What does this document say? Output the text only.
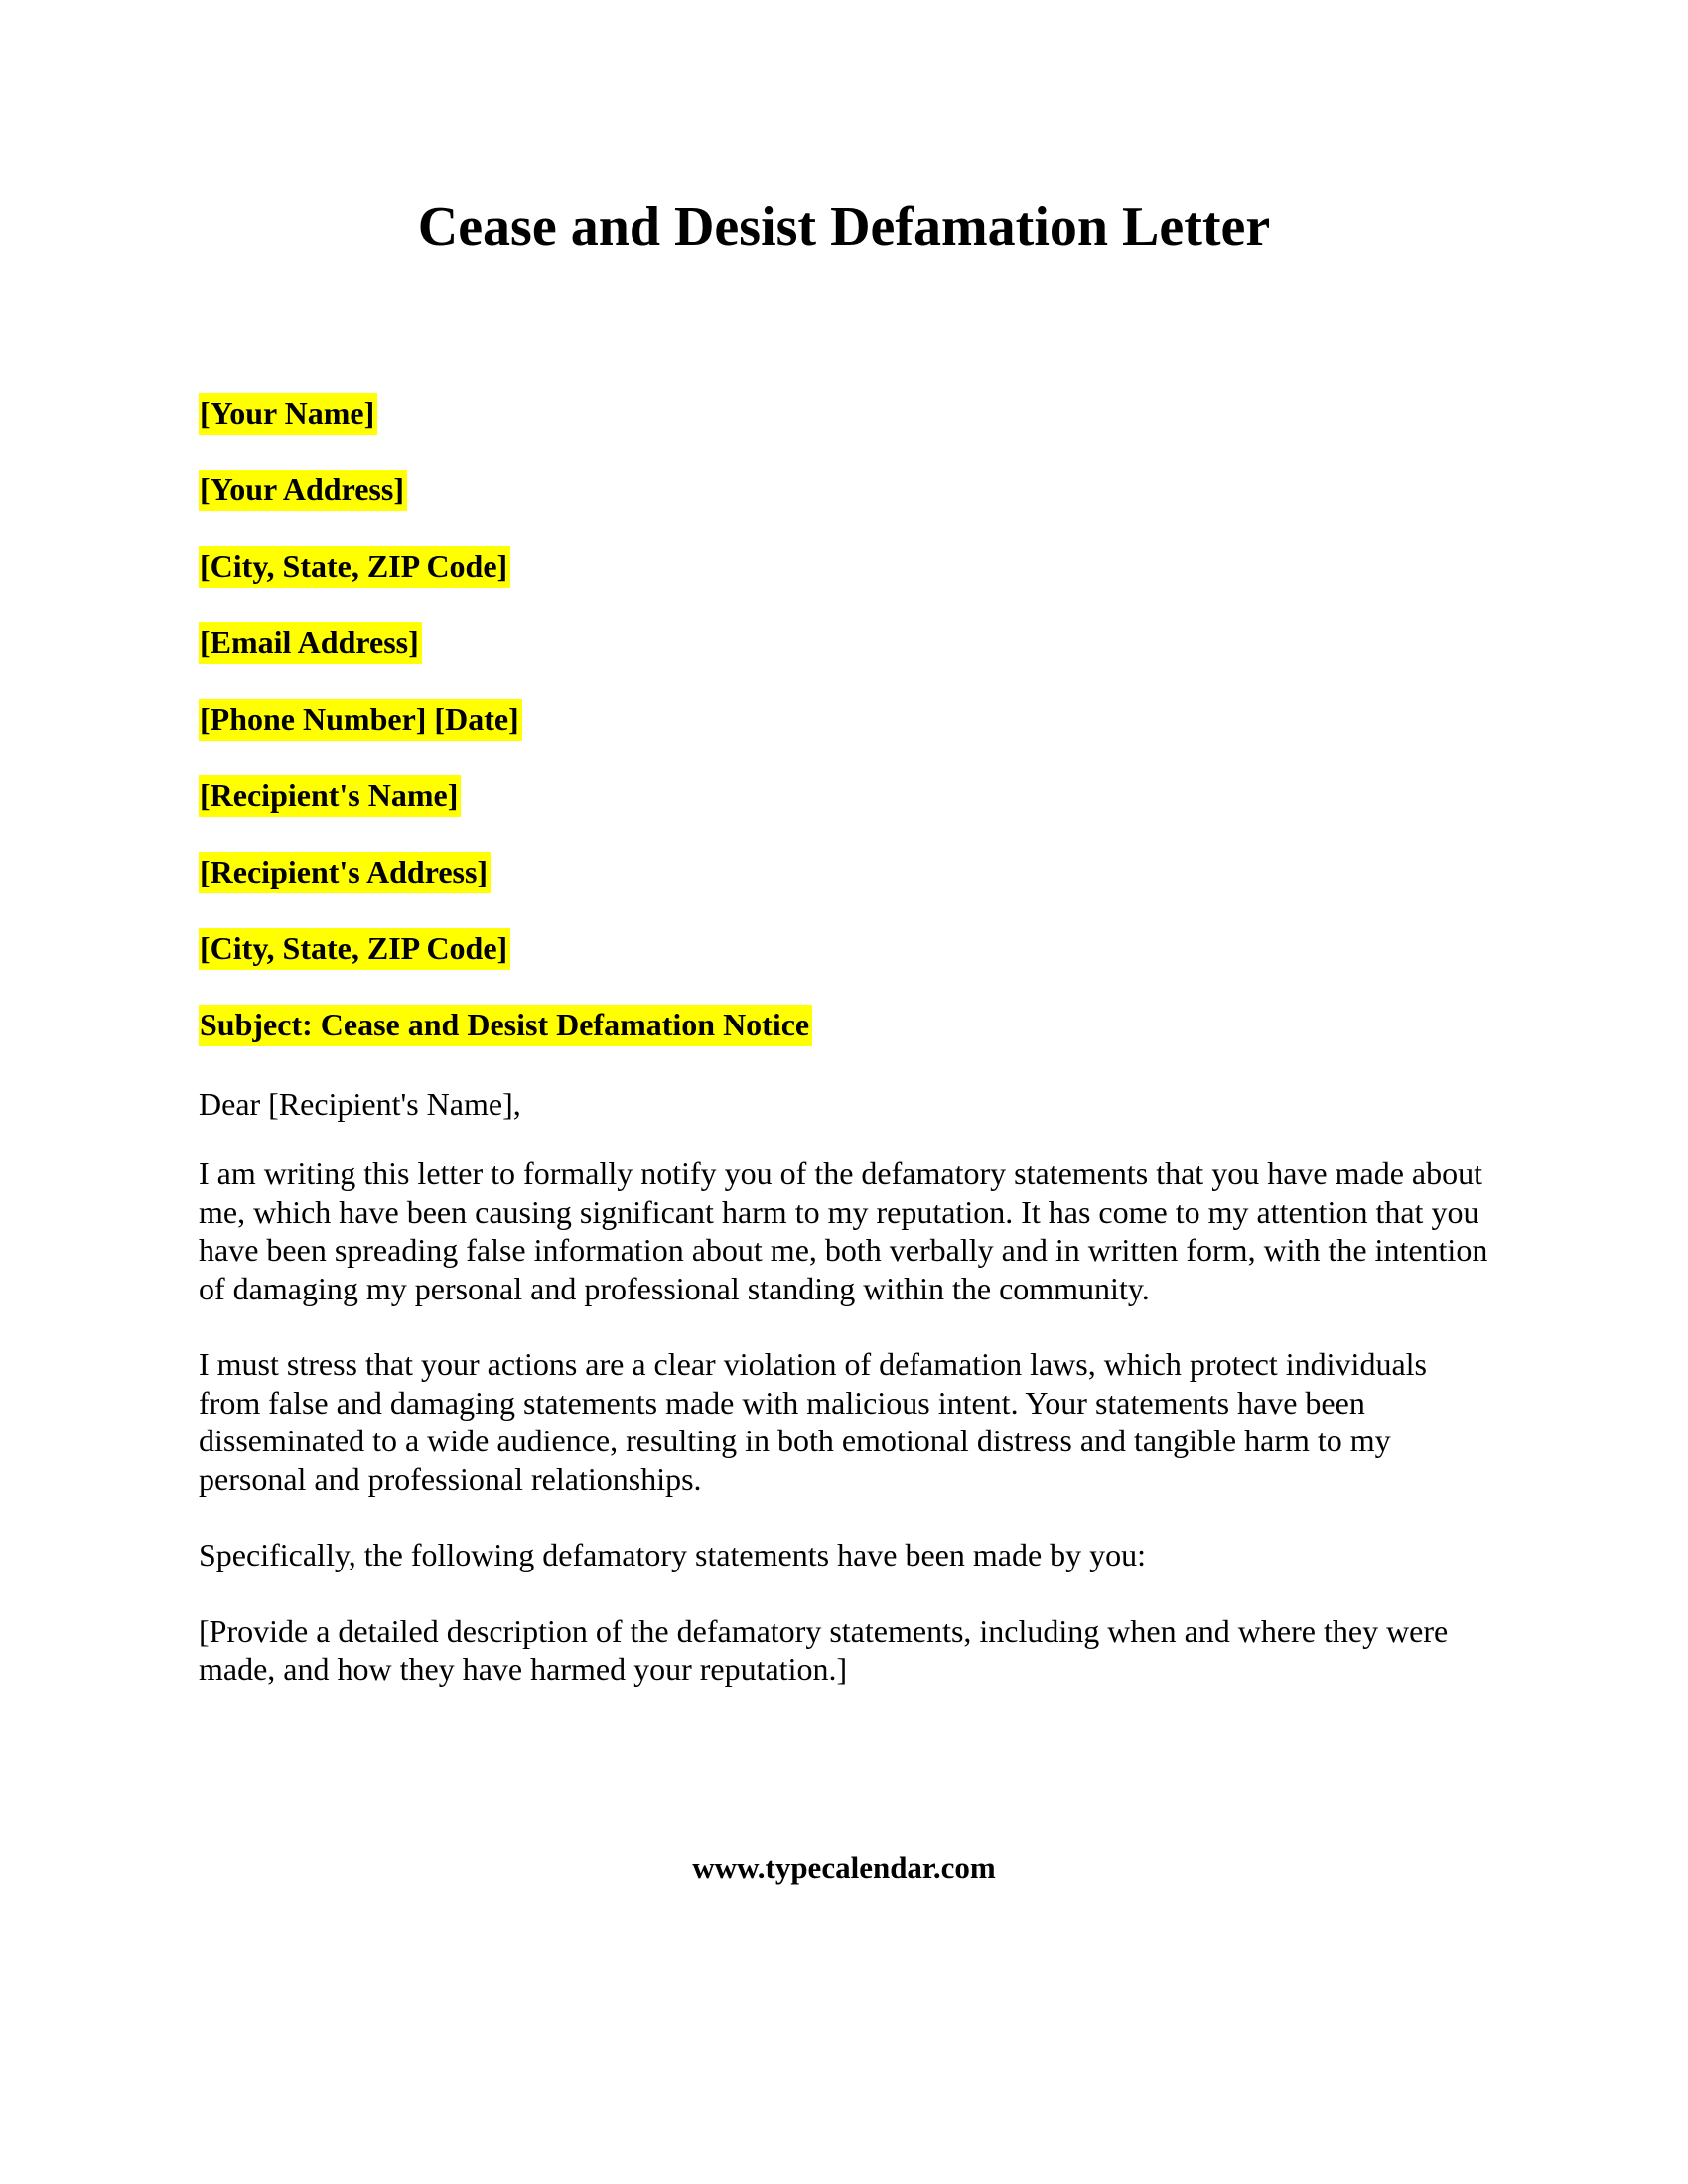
Cease and Desist Defamation Letter

[Your Name]

[Your Address]

[City, State, ZIP Code]

[Email Address]

[Phone Number] [Date]

[Recipient's Name]

[Recipient's Address]

[City, State, ZIP Code]

Subject: Cease and Desist Defamation Notice

Dear [Recipient's Name],

I am writing this letter to formally notify you of the defamatory statements that you have made about me, which have been causing significant harm to my reputation. It has come to my attention that you have been spreading false information about me, both verbally and in written form, with the intention of damaging my personal and professional standing within the community.

I must stress that your actions are a clear violation of defamation laws, which protect individuals from false and damaging statements made with malicious intent. Your statements have been disseminated to a wide audience, resulting in both emotional distress and tangible harm to my personal and professional relationships.

Specifically, the following defamatory statements have been made by you:

[Provide a detailed description of the defamatory statements, including when and where they were made, and how they have harmed your reputation.]

www.typecalendar.com
